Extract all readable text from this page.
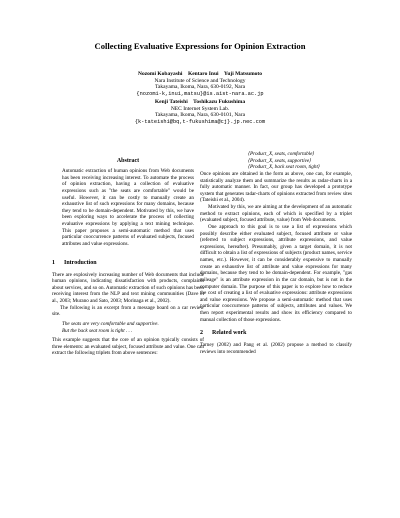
Collecting Evaluative Expressions for Opinion Extraction
Nozomi Kobayashi    Kentaro Inui    Yuji Matsumoto
Nara Institute of Science and Technology
Takayama, Ikoma, Nara, 630-0192, Nara
{nozomi-k,inui,matsu}@is.aist-nara.ac.jp
Kenji Tateishi    Toshikazu Fukushima
NEC Internet System Lab.
Takayama, Ikoma, Nara, 630-0101, Nara
{k-tateishi@bq,t-fukushima@cj}.jp.nec.com
Abstract

Automatic extraction of human opinions from Web documents has been receiving increasing interest. To automate the process of opinion extraction, having a collection of evaluative expressions such as "the seats are comfortable" would be useful. However, it can be costly to manually create an exhaustive list of such expressions for many domains, because they tend to be domain-dependent. Motivated by this, we have been exploring ways to accelerate the process of collecting evaluative expressions by applying a text mining technique. This paper proposes a semi-automatic method that uses particular cooccurrence patterns of evaluated subjects, focused attributes and value expressions.

1 Introduction

There are explosively increasing number of Web documents that include human opinions, indicating dissatisfaction with products, complaints about services, and so on. Automatic extraction of such opinions has been receiving interest from the NLP and text mining communities (Dave et al., 2003; Murano and Sato, 2003; Morinaga et al., 2002).

The following is an excerpt from a message board on a car review site.

The seats are very comfortable and supportive.
But the back seat room is tight . . .

This example suggests that the core of an opinion typically consists of three elements: an evaluated subject, focused attribute and value. One can extract the following triplets from above sentences:

⟨Product_X, seats, comfortable⟩
⟨Product_X, seats, supportive⟩
⟨Product_X, back seat room, tight⟩

Once opinions are obtained in the form as above, one can, for example, statistically analyze them and summarize the results as radar-charts in a fully automatic manner. In fact, our group has developed a prototype system that generates radar-charts of opinions extracted from review sites (Tateishi et al., 2004).

Motivated by this, we are aiming at the development of an automatic method to extract opinions, each of which is specified by a triplet (evaluated subject, focused attribute, value) from Web documents.

One approach to this goal is to use a list of expressions which possibly describe either evaluated subject, focused attribute or value (referred to subject expressions, attribute expressions, and value expressions, hereafter). Presumably, given a target domain, it is not difficult to obtain a list of expressions of subjects (product names, service names, etc.). However, it can be considerably expensive to manually create an exhaustive list of attribute and value expressions for many domains, because they tend to be domain-dependent. For example, "gas mileage" is an attribute expression in the car domain, but is not in the computer domain. The purpose of this paper is to explore how to reduce the cost of creating a list of evaluative expressions: attribute expressions and value expressions. We propose a semi-automatic method that uses particular cooccurrence patterns of subjects, attributes and values. We then report experimental results and show its efficiency compared to manual collection of those expressions.

2 Related work

Tarney (2002) and Pang et al. (2002) propose a method to classify reviews into recommended
